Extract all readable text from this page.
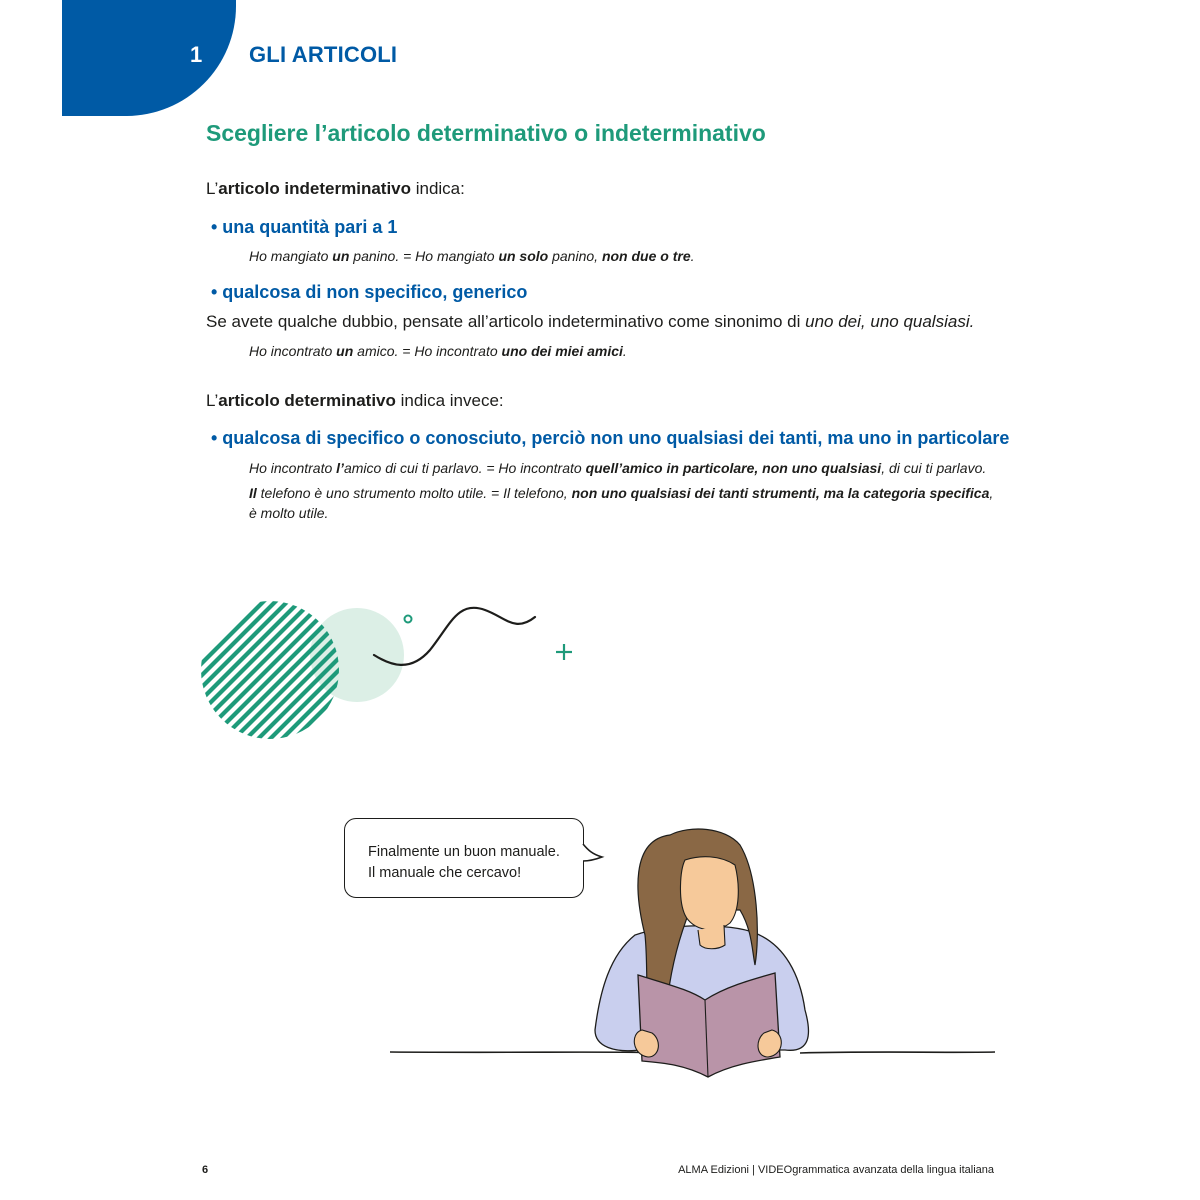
1 GLI ARTICOLI
Scegliere l’articolo determinativo o indeterminativo
L’articolo indeterminativo indica:
• una quantità pari a 1
Ho mangiato un panino. = Ho mangiato un solo panino, non due o tre.
• qualcosa di non specifico, generico
Se avete qualche dubbio, pensate all’articolo indeterminativo come sinonimo di uno dei, uno qualsiasi.
Ho incontrato un amico. = Ho incontrato uno dei miei amici.
L’articolo determinativo indica invece:
• qualcosa di specifico o conosciuto, perciò non uno qualsiasi dei tanti, ma uno in particolare
Ho incontrato l’amico di cui ti parlavo. = Ho incontrato quell’amico in particolare, non uno qualsiasi, di cui ti parlavo.
Il telefono è uno strumento molto utile. = Il telefono, non uno qualsiasi dei tanti strumenti, ma la categoria specifica,
è molto utile.
Finalmente un buon manuale.
Il manuale che cercavo!
6	ALMA Edizioni | VIDEOgrammatica avanzata della lingua italiana
